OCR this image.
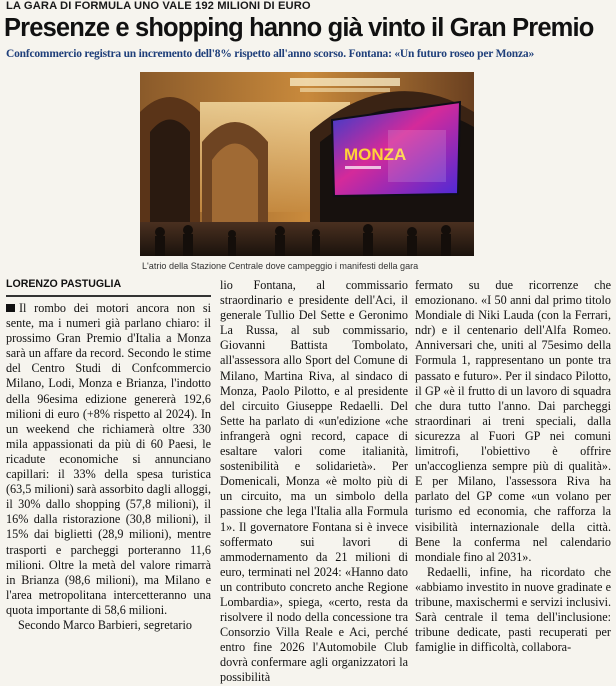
LA GARA DI FORMULA UNO VALE 192 MILIONI DI EURO
Presenze e shopping hanno già vinto il Gran Premio
Confcommercio registra un incremento dell'8% rispetto all'anno scorso. Fontana: «Un futuro roseo per Monza»
MONZA
L'atrio della Stazione Centrale dove campeggio i manifesti della gara
LORENZO PASTUGLIA

Il rombo dei motori ancora non si sente, ma i numeri già parlano chiaro: il prossimo Gran Premio d'Italia a Monza sarà un affare da record. Secondo le stime del Centro Studi di Confcommercio Milano, Lodi, Monza e Brianza, l'indotto della 96esima edizione genererà 192,6 milioni di euro (+8% rispetto al 2024). In un weekend che richiamerà oltre 330 mila appassionati da più di 60 Paesi, le ricadute economiche si annunciano capillari: il 33% della spesa turistica (63,5 milioni) sarà assorbito dagli alloggi, il 30% dallo shopping (57,8 milioni), il 16% dalla ristorazione (30,8 milioni), il 15% dai biglietti (28,9 milioni), mentre trasporti e parcheggi porteranno 11,6 milioni. Oltre la metà del valore rimarrà in Brianza (98,6 milioni), ma Milano e l'area metropolitana intercetteranno una quota importante di 58,6 milioni.

Secondo Marco Barbieri, segretario

lio Fontana, al commissario straordinario e presidente dell'Aci, il generale Tullio Del Sette e Geronimo La Russa, al sub commissario, Giovanni Battista Tombolato, all'assessora allo Sport del Comune di Milano, Martina Riva, al sindaco di Monza, Paolo Pilotto, e al presidente del circuito Giuseppe Redaelli. Del Sette ha parlato di «un'edizione «che infrangerà ogni record, capace di esaltare valori come italianità, sostenibilità e solidarietà». Per Domenicali, Monza «è molto più di un circuito, ma un simbolo della passione che lega l'Italia alla Formula 1». Il governatore Fontana si è invece soffermato sui lavori di ammodernamento da 21 milioni di euro, terminati nel 2024: «Hanno dato un contributo concreto anche Regione Lombardia», spiega, «certo, resta da risolvere il nodo della concessione tra Consorzio Villa Reale e Aci, perché entro fine 2026 l'Automobile Club dovrà confermare agli organizzatori la possibilità

fermato su due ricorrenze che emozionano. «I 50 anni dal primo titolo Mondiale di Niki Lauda (con la Ferrari, ndr) e il centenario dell'Alfa Romeo. Anniversari che, uniti al 75esimo della Formula 1, rappresentano un ponte tra passato e futuro». Per il sindaco Pilotto, il GP «è il frutto di un lavoro di squadra che dura tutto l'anno. Dai parcheggi straordinari ai treni speciali, dalla sicurezza al Fuori GP nei comuni limitrofi, l'obiettivo è offrire un'accoglienza sempre più di qualità». E per Milano, l'assessora Riva ha parlato del GP come «un volano per turismo ed economia, che rafforza la visibilità internazionale della città. Bene la conferma nel calendario mondiale fino al 2031».

Redaelli, infine, ha ricordato che «abbiamo investito in nuove gradinate e tribune, maxischermi e servizi inclusivi. Sarà centrale il tema dell'inclusione: tribune dedicate, pasti recuperati per famiglie in difficoltà, collabora-
